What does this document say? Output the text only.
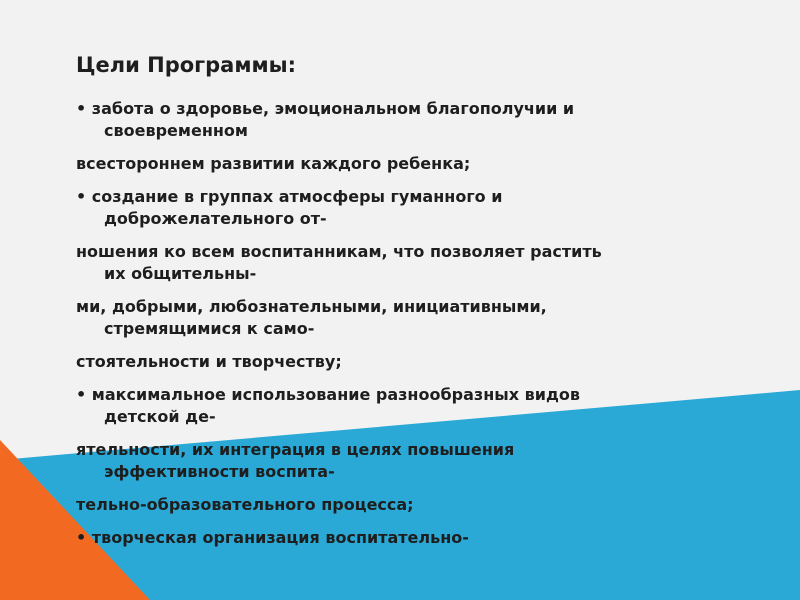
Цели Программы:
• забота о здоровье, эмоциональном благополучии и
своевременном
всестороннем развитии каждого ребенка;
• создание в группах атмосферы гуманного и
доброжелательного от-
ношения ко всем воспитанникам, что позволяет растить
их общительны-
ми, добрыми, любознательными, инициативными,
стремящимися к само-
стоятельности и творчеству;
• максимальное использование разнообразных видов
детской де-
ятельности, их интеграция в целях повышения
эффективности воспита-
тельно-образовательного процесса;
• творческая организация воспитательно-
